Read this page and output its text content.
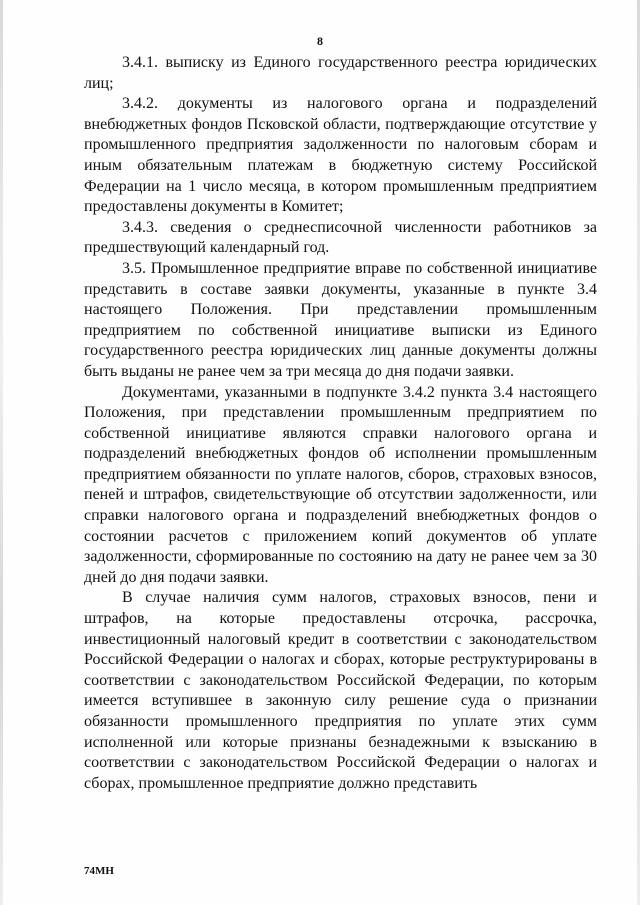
8

3.4.1. выписку из Единого государственного реестра юридических лиц;

3.4.2. документы из налогового органа и подразделений внебюджетных фондов Псковской области, подтверждающие отсутствие у промышленного предприятия задолженности по налоговым сборам и иным обязательным платежам в бюджетную систему Российской Федерации на 1 число месяца, в котором промышленным предприятием предоставлены документы в Комитет;

3.4.3. сведения о среднесписочной численности работников за предшествующий календарный год.

3.5. Промышленное предприятие вправе по собственной инициативе представить в составе заявки документы, указанные в пункте 3.4 настоящего Положения. При представлении промышленным предприятием по собственной инициативе выписки из Единого государственного реестра юридических лиц данные документы должны быть выданы не ранее чем за три месяца до дня подачи заявки.

Документами, указанными в подпункте 3.4.2 пункта 3.4 настоящего Положения, при представлении промышленным предприятием по собственной инициативе являются справки налогового органа и подразделений внебюджетных фондов об исполнении промышленным предприятием обязанности по уплате налогов, сборов, страховых взносов, пеней и штрафов, свидетельствующие об отсутствии задолженности, или справки налогового органа и подразделений внебюджетных фондов о состоянии расчетов с приложением копий документов об уплате задолженности, сформированные по состоянию на дату не ранее чем за 30 дней до дня подачи заявки.

В случае наличия сумм налогов, страховых взносов, пени и штрафов, на которые предоставлены отсрочка, рассрочка, инвестиционный налоговый кредит в соответствии с законодательством Российской Федерации о налогах и сборах, которые реструктурированы в соответствии с законодательством Российской Федерации, по которым имеется вступившее в законную силу решение суда о признании обязанности промышленного предприятия по уплате этих сумм исполненной или которые признаны безнадежными к взысканию в соответствии с законодательством Российской Федерации о налогах и сборах, промышленное предприятие должно представить

74МН
